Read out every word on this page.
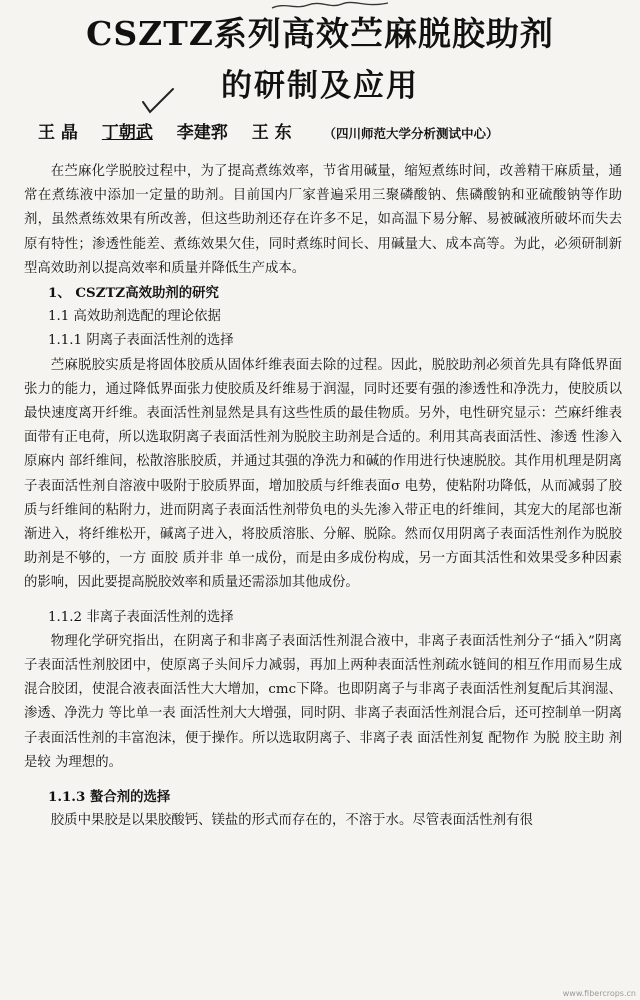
CSZTZ系列高效苎麻脱胶助剂
的研制及应用
王 晶 丁朝武 李建郛 王 东	（四川师范大学分析测试中心）

在苎麻化学脱胶过程中，为了提高煮练效率，节省用碱量，缩短煮练时间，改善精干麻质量，通常在煮练液中添加一定量的助剂。目前国内厂家普遍采用三聚磷酸钠、焦磷酸钠和亚硫酸钠等作助剂，虽然煮练效果有所改善，但这些助剂还存在许多不足，如高温下易分解、易被碱液所破坏而失去原有特性；渗透性能差、煮练效果欠佳，同时煮练时间长、用碱量大、成本高等。为此，必须研制新型高效助剂以提高效率和质量并降低生产成本。

1、 CSZTZ高效助剂的研究
1.1 高效助剂选配的理论依据
1.1.1 阴离子表面活性剂的选择

苎麻脱胶实质是将固体胶质从固体纤维表面去除的过程。因此，脱胶助剂必须首先具有降低界面张力的能力，通过降低界面张力使胶质及纤维易于润湿，同时还要有强的渗透性和净洗力，使胶质以最快速度离开纤维。表面活性剂显然是具有这些性质的最佳物质。另外，电性研究显示：苎麻纤维表面带有正电荷，所以选取阴离子表面活性剂为脱胶主助剂是合适的。利用其高表面活性、渗透 性渗入原麻内 部纤维间，松散溶胀胶质，并通过其强的净洗力和碱的作用进行快速脱胶。其作用机理是阴离子表面活性剂自溶液中吸附于胶质界面，增加胶质与纤维表面σ 电势，使粘附功降低，从而减弱了胶质与纤维间的粘附力，进而阴离子表面活性剂带负电的头先渗入带正电的纤维间，其宠大的尾部也渐渐进入，将纤维松开，碱离子进入，将胶质溶胀、分解、脱除。然而仅用阴离子表面活性剂作为脱胶助剂是不够的，一方 面胶 质并非 单一成份，而是由多成份构成，另一方面其活性和效果受多种因素的影响，因此要提高脱胶效率和质量还需添加其他成份。

1.1.2 非离子表面活性剂的选择

物理化学研究指出，在阴离子和非离子表面活性剂混合液中，非离子表面活性剂分子“插入”阴离子表面活性剂胶团中，使原离子头间斥力减弱，再加上两种表面活性剂疏水链间的相互作用而易生成混合胶团，使混合液表面活性大大增加，cmc下降。也即阴离子与非离子表面活性剂复配后其润湿、渗透、净洗力 等比单一表 面活性剂大大增强，同时阴、非离子表面活性剂混合后，还可控制单一阴离子表面活性剂的丰富泡沫，便于操作。所以选取阴离子、非离子表 面活性剂复 配物作 为脱 胶主助 剂是较 为理想的。

1.1.3 螯合剂的选择

胶质中果胶是以果胶酸钙、镁盐的形式而存在的，不溶于水。尽管表面活性剂有很

www.fibercrops.cn
